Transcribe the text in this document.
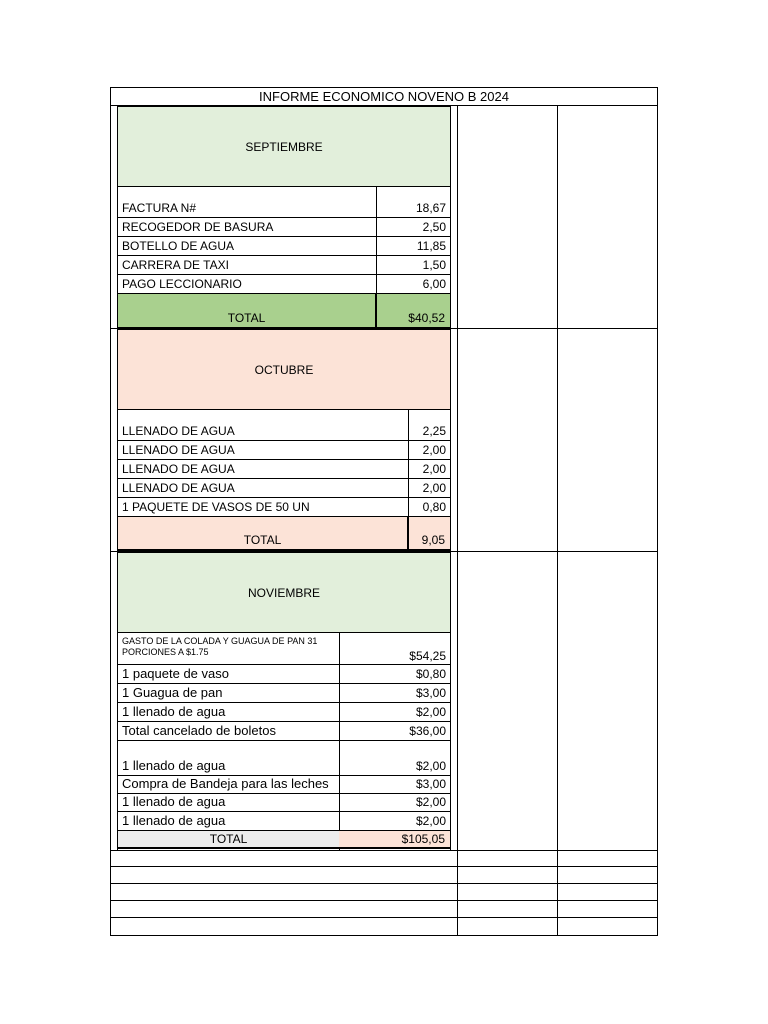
INFORME ECONOMICO NOVENO B 2024
SEPTIEMBRE
FACTURA N#	18,67
RECOGEDOR DE BASURA	2,50
BOTELLO DE AGUA	11,85
CARRERA DE TAXI	1,50
PAGO LECCIONARIO	6,00
TOTAL	$40,52
OCTUBRE
LLENADO DE AGUA	2,25
LLENADO DE AGUA	2,00
LLENADO DE AGUA	2,00
LLENADO DE AGUA	2,00
1 PAQUETE DE VASOS DE 50 UN	0,80
TOTAL	9,05
NOVIEMBRE
GASTO DE LA COLADA Y GUAGUA DE PAN 31 PORCIONES A $1.75	$54,25
1 paquete de vaso	$0,80
1 Guagua de pan	$3,00
1 llenado de agua	$2,00
Total cancelado de boletos	$36,00
1 llenado de agua	$2,00
Compra de Bandeja para las leches	$3,00
1 llenado de agua	$2,00
1 llenado de agua	$2,00
TOTAL	$105,05
